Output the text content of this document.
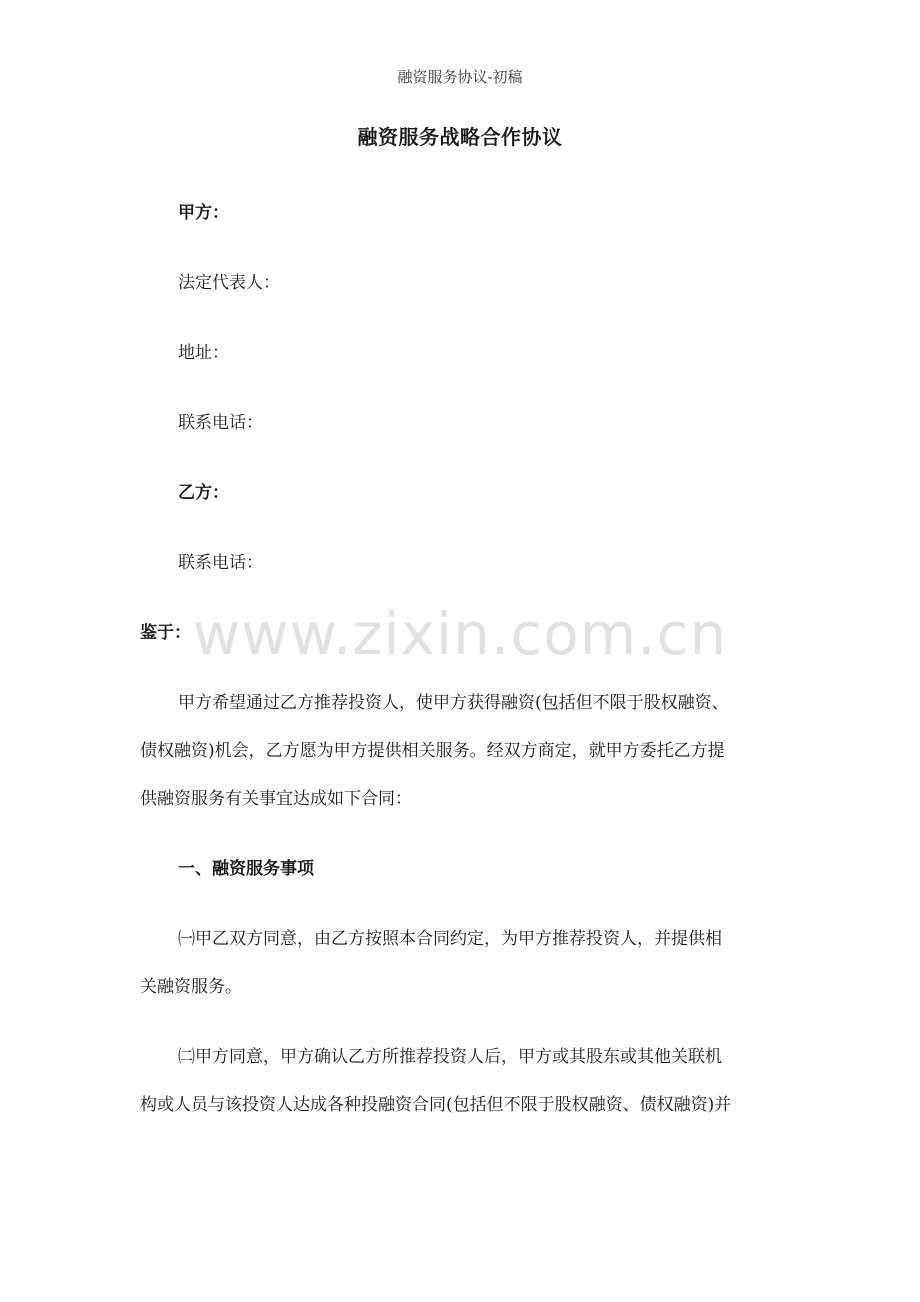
融资服务协议-初稿
融资服务战略合作协议
甲方：
法定代表人：
地址：
联系电话：
乙方：
联系电话：
鉴于： www.zixin.com.cn
甲方希望通过乙方推荐投资人，使甲方获得融资(包括但不限于股权融资、
债权融资)机会，乙方愿为甲方提供相关服务。经双方商定，就甲方委托乙方提
供融资服务有关事宜达成如下合同：
一、融资服务事项
㈠甲乙双方同意，由乙方按照本合同约定，为甲方推荐投资人，并提供相
关融资服务。
㈡甲方同意，甲方确认乙方所推荐投资人后，甲方或其股东或其他关联机
构或人员与该投资人达成各种投融资合同(包括但不限于股权融资、债权融资)并
